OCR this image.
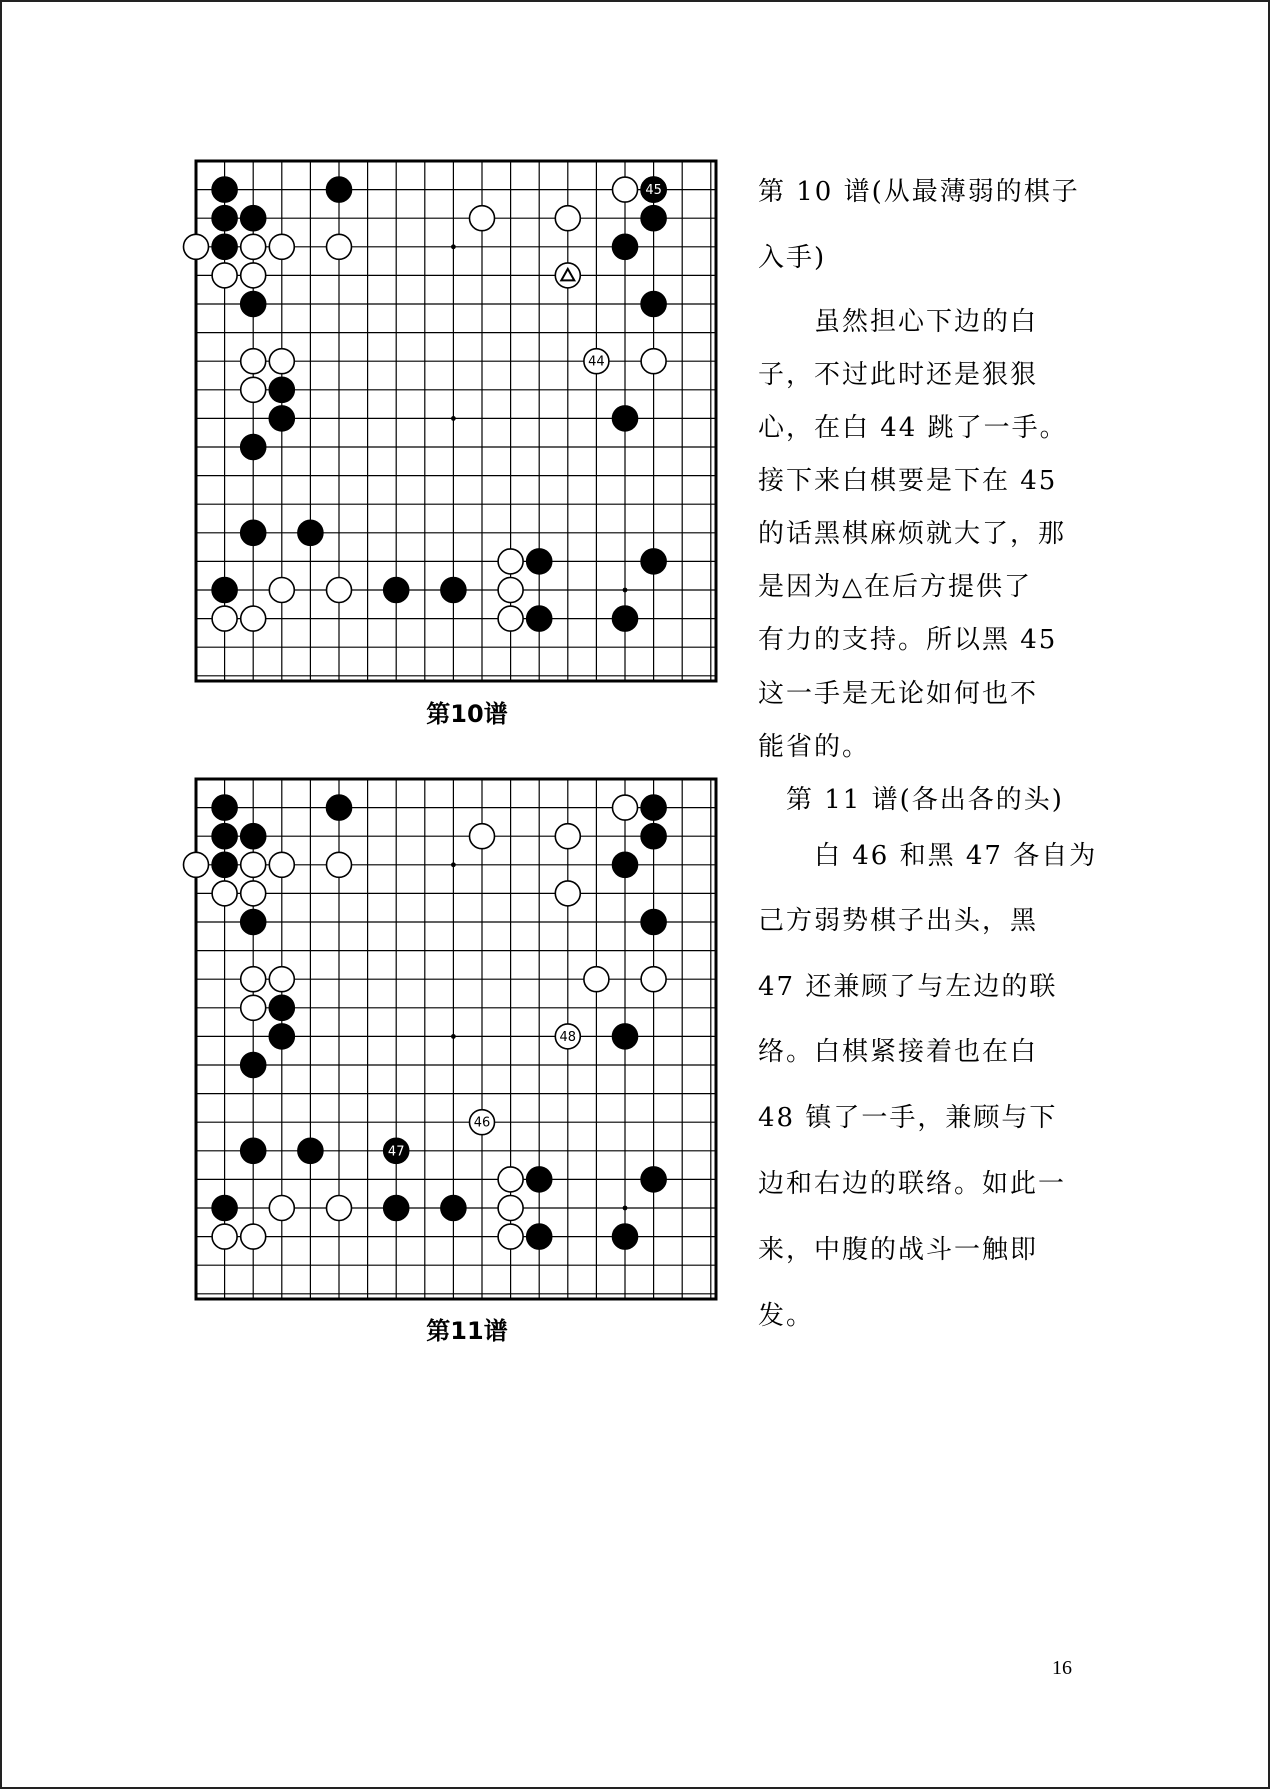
45
44
第10谱
46
47
48
第11谱
第 10 谱(从最薄弱的棋子
入手)
　　虽然担心下边的白
子，不过此时还是狠狠
心，在白 44 跳了一手。
接下来白棋要是下在 45
的话黑棋麻烦就大了，那
是因为△在后方提供了
有力的支持。所以黑 45
这一手是无论如何也不
能省的。
　第 11 谱(各出各的头)
　　白 46 和黑 47 各自为
己方弱势棋子出头，黑
47 还兼顾了与左边的联
络。白棋紧接着也在白
48 镇了一手，兼顾与下
边和右边的联络。如此一
来，中腹的战斗一触即
发。
16
